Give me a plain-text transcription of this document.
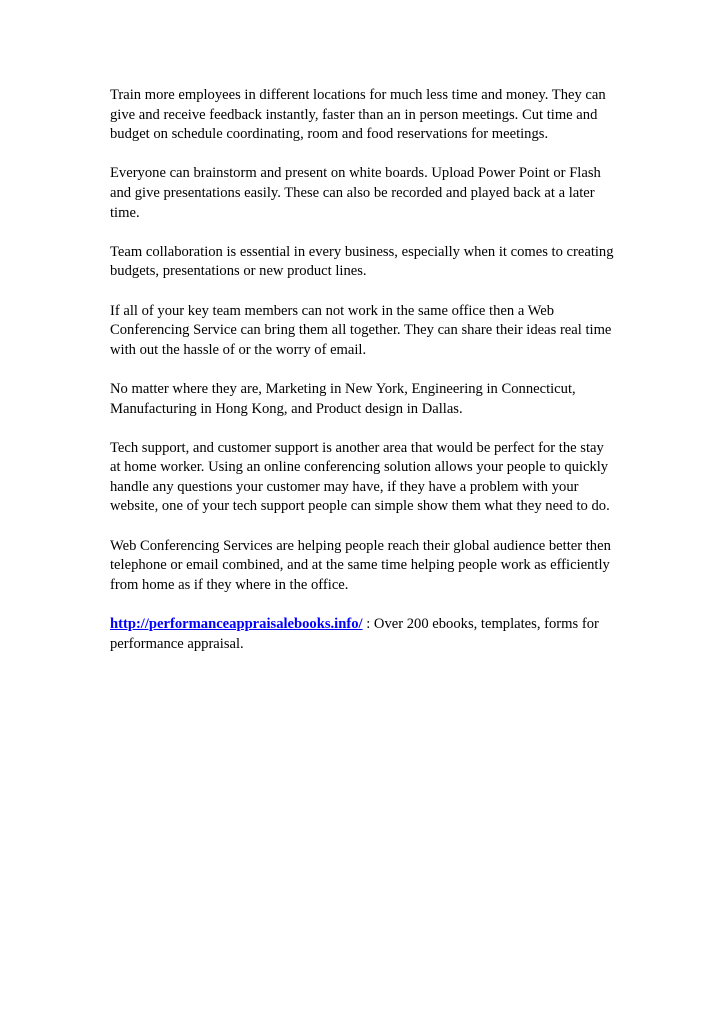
Train more employees in different locations for much less time and money. They can
give and receive feedback instantly, faster than an in person meetings. Cut time and
budget on schedule coordinating, room and food reservations for meetings.

Everyone can brainstorm and present on white boards. Upload Power Point or Flash
and give presentations easily. These can also be recorded and played back at a later
time.

Team collaboration is essential in every business, especially when it comes to creating
budgets, presentations or new product lines.

If all of your key team members can not work in the same office then a Web
Conferencing Service can bring them all together. They can share their ideas real time
with out the hassle of or the worry of email.

No matter where they are, Marketing in New York, Engineering in Connecticut,
Manufacturing in Hong Kong, and Product design in Dallas.

Tech support, and customer support is another area that would be perfect for the stay
at home worker. Using an online conferencing solution allows your people to quickly
handle any questions your customer may have, if they have a problem with your
website, one of your tech support people can simple show them what they need to do.

Web Conferencing Services are helping people reach their global audience better then
telephone or email combined, and at the same time helping people work as efficiently
from home as if they where in the office.

http://performanceappraisalebooks.info/ : Over 200 ebooks, templates, forms for
performance appraisal.
